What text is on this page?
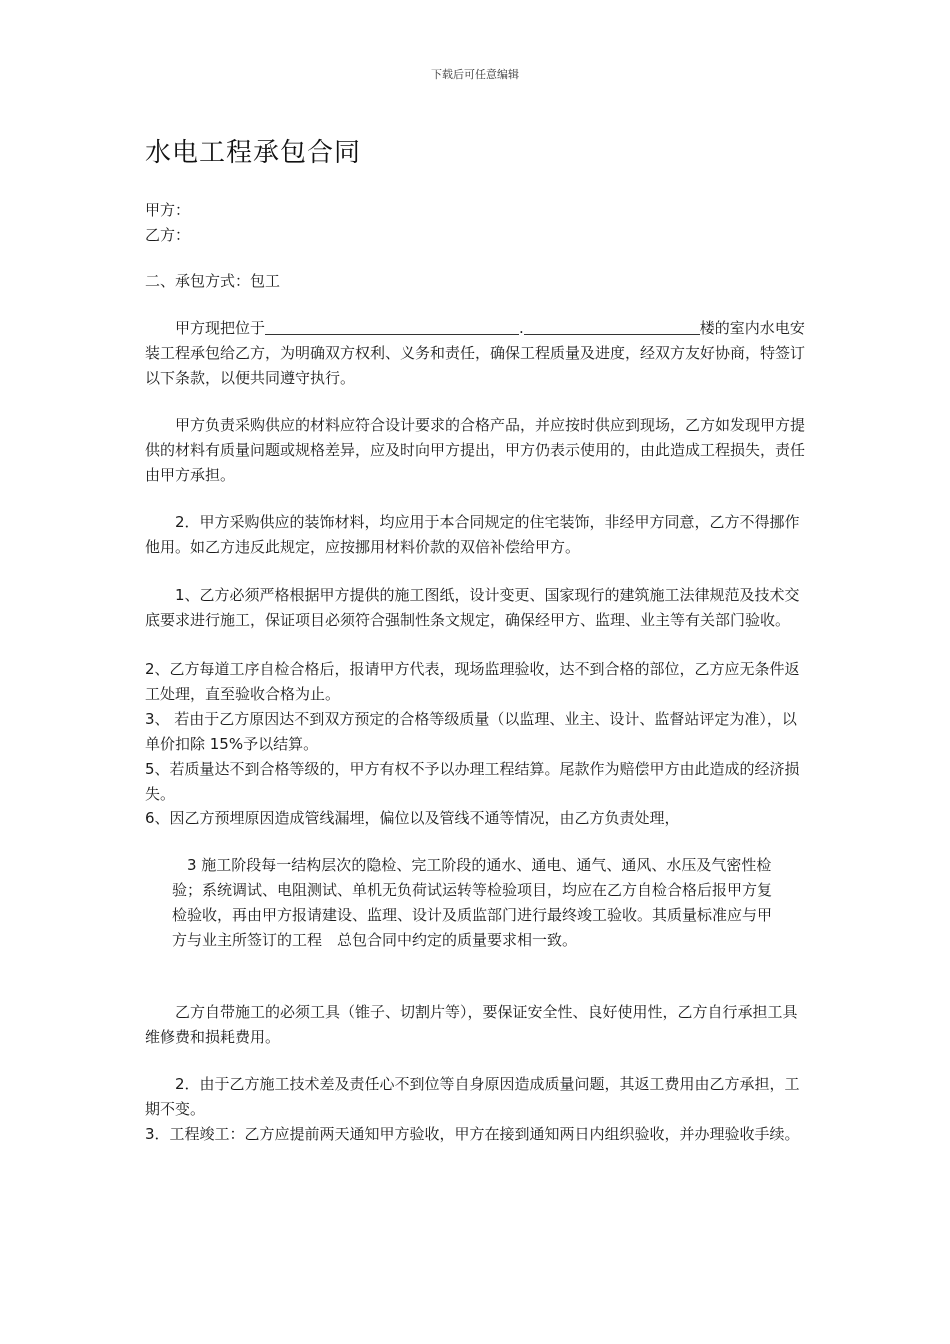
下载后可任意编辑
水电工程承包合同

甲方：

乙方：

二、承包方式：包工

甲方现把位于	.	楼的室内水电安装工程承包给乙方，为明确双方权利、义务和责任，确保工程质量及进度，经双方友好协商，特签订以下条款，以便共同遵守执行。

甲方负责采购供应的材料应符合设计要求的合格产品，并应按时供应到现场，乙方如发现甲方提供的材料有质量问题或规格差异，应及时向甲方提出，甲方仍表示使用的，由此造成工程损失，责任由甲方承担。

2．甲方采购供应的装饰材料，均应用于本合同规定的住宅装饰，非经甲方同意，乙方不得挪作他用。如乙方违反此规定，应按挪用材料价款的双倍补偿给甲方。

1、乙方必须严格根据甲方提供的施工图纸，设计变更、国家现行的建筑施工法律规范及技术交底要求进行施工，保证项目必须符合强制性条文规定，确保经甲方、监理、业主等有关部门验收。

2、乙方每道工序自检合格后，报请甲方代表，现场监理验收，达不到合格的部位，乙方应无条件返工处理，直至验收合格为止。

3、 若由于乙方原因达不到双方预定的合格等级质量（以监理、业主、设计、监督站评定为准），以单价扣除 15%予以结算。

5、若质量达不到合格等级的，甲方有权不予以办理工程结算。尾款作为赔偿甲方由此造成的经济损失。

6、因乙方预埋原因造成管线漏埋，偏位以及管线不通等情况，由乙方负责处理，

3 施工阶段每一结构层次的隐检、完工阶段的通水、通电、通气、通风、水压及气密性检验；系统调试、电阻测试、单机无负荷试运转等检验项目，均应在乙方自检合格后报甲方复检验收，再由甲方报请建设、监理、设计及质监部门进行最终竣工验收。其质量标准应与甲方与业主所签订的工程　总包合同中约定的质量要求相一致。

乙方自带施工的必须工具（锥子、切割片等），要保证安全性、良好使用性，乙方自行承担工具维修费和损耗费用。

2．由于乙方施工技术差及责任心不到位等自身原因造成质量问题，其返工费用由乙方承担，工期不变。

3．工程竣工：乙方应提前两天通知甲方验收，甲方在接到通知两日内组织验收，并办理验收手续。
